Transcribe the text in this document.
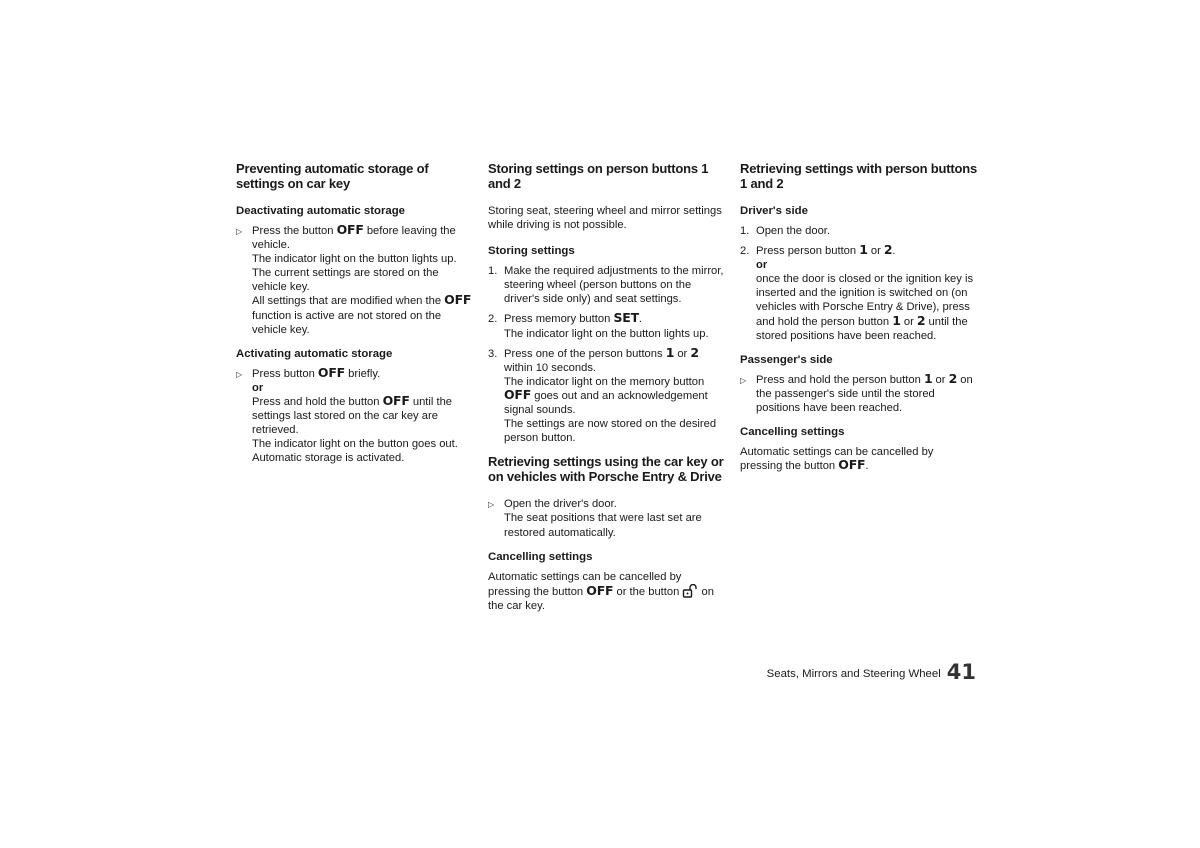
Preventing automatic storage of settings on car key
Deactivating automatic storage
▷ Press the button OFF before leaving the vehicle.
The indicator light on the button lights up.
The current settings are stored on the vehicle key.
All settings that are modified when the OFF function is active are not stored on the vehicle key.
Activating automatic storage
▷ Press button OFF briefly.
or
Press and hold the button OFF until the settings last stored on the car key are retrieved.
The indicator light on the button goes out.
Automatic storage is activated.
Storing settings on person buttons 1 and 2

Storing seat, steering wheel and mirror settings while driving is not possible.

Storing settings
1. Make the required adjustments to the mirror, steering wheel (person buttons on the driver's side only) and seat settings.
2. Press memory button SET.
The indicator light on the button lights up.
3. Press one of the person buttons 1 or 2 within 10 seconds.
The indicator light on the memory button OFF goes out and an acknowledgement signal sounds.
The settings are now stored on the desired person button.
Retrieving settings using the car key or on vehicles with Porsche Entry & Drive
▷ Open the driver's door.
The seat positions that were last set are restored automatically.
Cancelling settings

Automatic settings can be cancelled by pressing the button OFF or the button on the car key.

Retrieving settings with person buttons 1 and 2
Driver's side
1. Open the door.
2. Press person button 1 or 2.
or
once the door is closed or the ignition key is inserted and the ignition is switched on (on vehicles with Porsche Entry & Drive), press and hold the person button 1 or 2 until the stored positions have been reached.
Passenger's side
▷ Press and hold the person button 1 or 2 on the passenger's side until the stored positions have been reached.
Cancelling settings

Automatic settings can be cancelled by pressing the button OFF.

Seats, Mirrors and Steering Wheel 41
